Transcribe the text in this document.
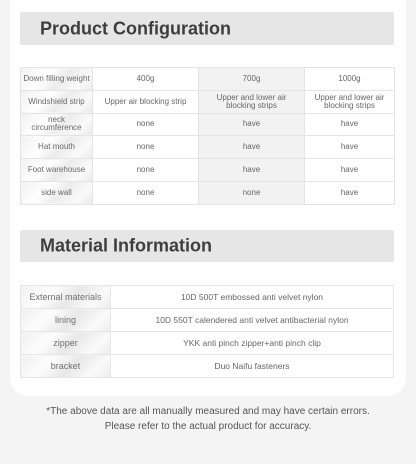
Product Configuration
Down filling weight	400g	700g	1000g
Windshield strip	Upper air blocking strip	Upper and lower air blocking strips	Upper and lower air blocking strips
neck circumference	none	have	have
Hat mouth	none	have	have
Foot warehouse	none	have	have
side wall	none	none	have
Material Information
External materials	10D 500T embossed anti velvet nylon
lining	10D 550T calendered anti velvet antibacterial nylon
zipper	YKK anti pinch zipper+anti pinch clip
bracket	Duo Naifu fasteners
*The above data are all manually measured and may have certain errors.
Please refer to the actual product for accuracy.
